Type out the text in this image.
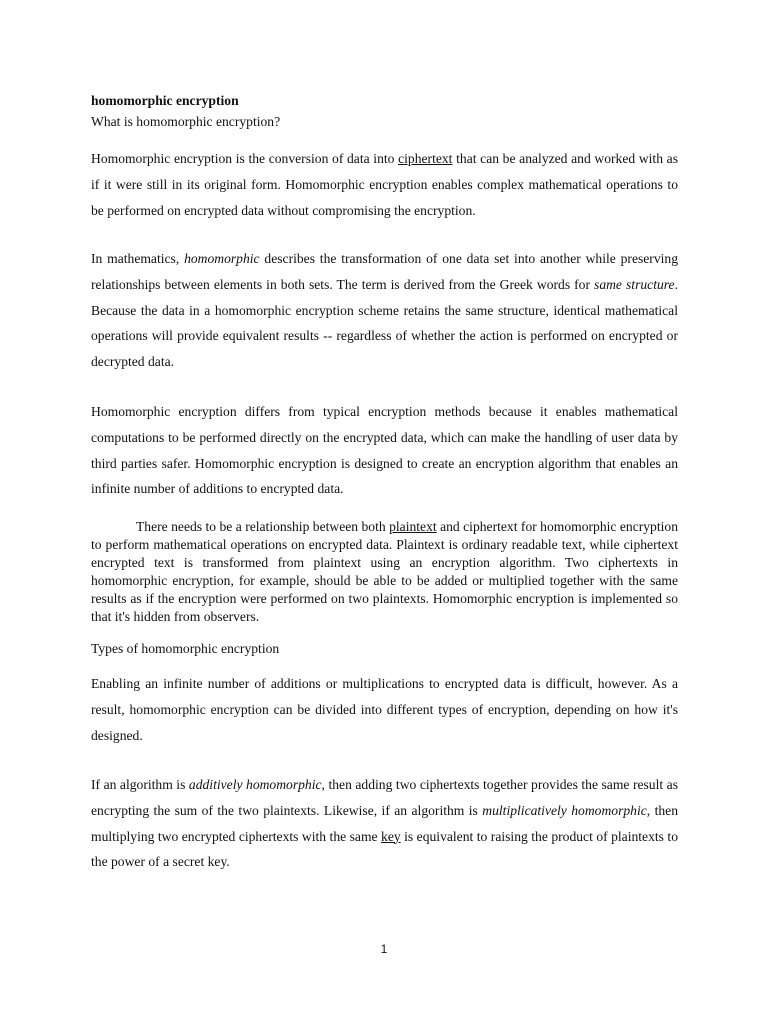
homomorphic encryption

What is homomorphic encryption?

Homomorphic encryption is the conversion of data into ciphertext that can be analyzed and worked with as if it were still in its original form. Homomorphic encryption enables complex mathematical operations to be performed on encrypted data without compromising the encryption.

In mathematics, homomorphic describes the transformation of one data set into another while preserving relationships between elements in both sets. The term is derived from the Greek words for same structure. Because the data in a homomorphic encryption scheme retains the same structure, identical mathematical operations will provide equivalent results -- regardless of whether the action is performed on encrypted or decrypted data.

Homomorphic encryption differs from typical encryption methods because it enables mathematical computations to be performed directly on the encrypted data, which can make the handling of user data by third parties safer. Homomorphic encryption is designed to create an encryption algorithm that enables an infinite number of additions to encrypted data.

There needs to be a relationship between both plaintext and ciphertext for homomorphic encryption to perform mathematical operations on encrypted data. Plaintext is ordinary readable text, while ciphertext encrypted text is transformed from plaintext using an encryption algorithm. Two ciphertexts in homomorphic encryption, for example, should be able to be added or multiplied together with the same results as if the encryption were performed on two plaintexts. Homomorphic encryption is implemented so that it's hidden from observers.

Types of homomorphic encryption

Enabling an infinite number of additions or multiplications to encrypted data is difficult, however. As a result, homomorphic encryption can be divided into different types of encryption, depending on how it's designed.

If an algorithm is additively homomorphic, then adding two ciphertexts together provides the same result as encrypting the sum of the two plaintexts. Likewise, if an algorithm is multiplicatively homomorphic, then multiplying two encrypted ciphertexts with the same key is equivalent to raising the product of plaintexts to the power of a secret key.

1
